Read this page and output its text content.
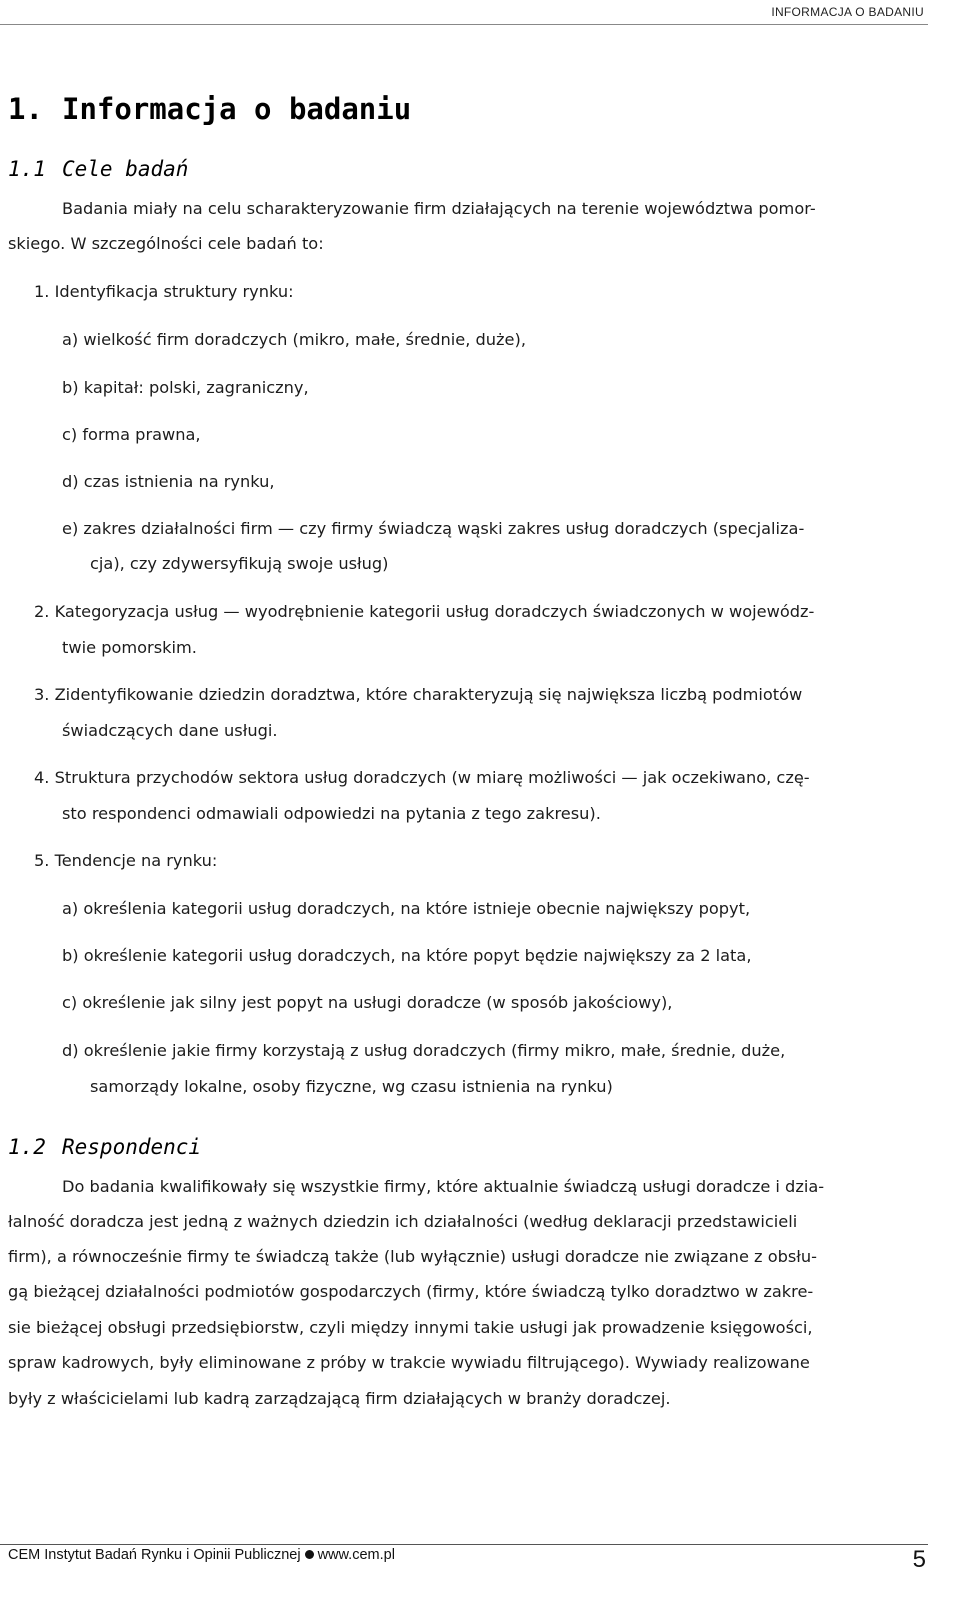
INFORMACJA O BADANIU
1. Informacja o badaniu
1.1 Cele badań
Badania miały na celu scharakteryzowanie firm działających na terenie województwa pomor-
skiego. W szczególności cele badań to:
1. Identyfikacja struktury rynku:
a) wielkość firm doradczych (mikro, małe, średnie, duże),
b) kapitał: polski, zagraniczny,
c) forma prawna,
d) czas istnienia na rynku,
e) zakres działalności firm — czy firmy świadczą wąski zakres usług doradczych (specjaliza-
cja), czy zdywersyfikują swoje usług)
2. Kategoryzacja usług — wyodrębnienie kategorii usług doradczych świadczonych w wojewódz-
twie pomorskim.
3. Zidentyfikowanie dziedzin doradztwa, które charakteryzują się największa liczbą podmiotów
świadczących dane usługi.
4. Struktura przychodów sektora usług doradczych (w miarę możliwości — jak oczekiwano, czę-
sto respondenci odmawiali odpowiedzi na pytania z tego zakresu).
5. Tendencje na rynku:
a) określenia kategorii usług doradczych, na które istnieje obecnie największy popyt,
b) określenie kategorii usług doradczych, na które popyt będzie największy za 2 lata,
c) określenie jak silny jest popyt na usługi doradcze (w sposób jakościowy),
d) określenie jakie firmy korzystają z usług doradczych (firmy mikro, małe, średnie, duże,
samorządy lokalne, osoby fizyczne, wg czasu istnienia na rynku)
1.2 Respondenci
Do badania kwalifikowały się wszystkie firmy, które aktualnie świadczą usługi doradcze i dzia-
łalność doradcza jest jedną z ważnych dziedzin ich działalności (według deklaracji przedstawicieli
firm), a równocześnie firmy te świadczą także (lub wyłącznie) usługi doradcze nie związane z obsłu-
gą bieżącej działalności podmiotów gospodarczych (firmy, które świadczą tylko doradztwo w zakre-
sie bieżącej obsługi przedsiębiorstw, czyli między innymi takie usługi jak prowadzenie księgowości,
spraw kadrowych, były eliminowane z próby w trakcie wywiadu filtrującego). Wywiady realizowane
były z właścicielami lub kadrą zarządzającą firm działających w branży doradczej.
CEM Instytut Badań Rynku i Opinii Publicznej www.cem.pl	5
